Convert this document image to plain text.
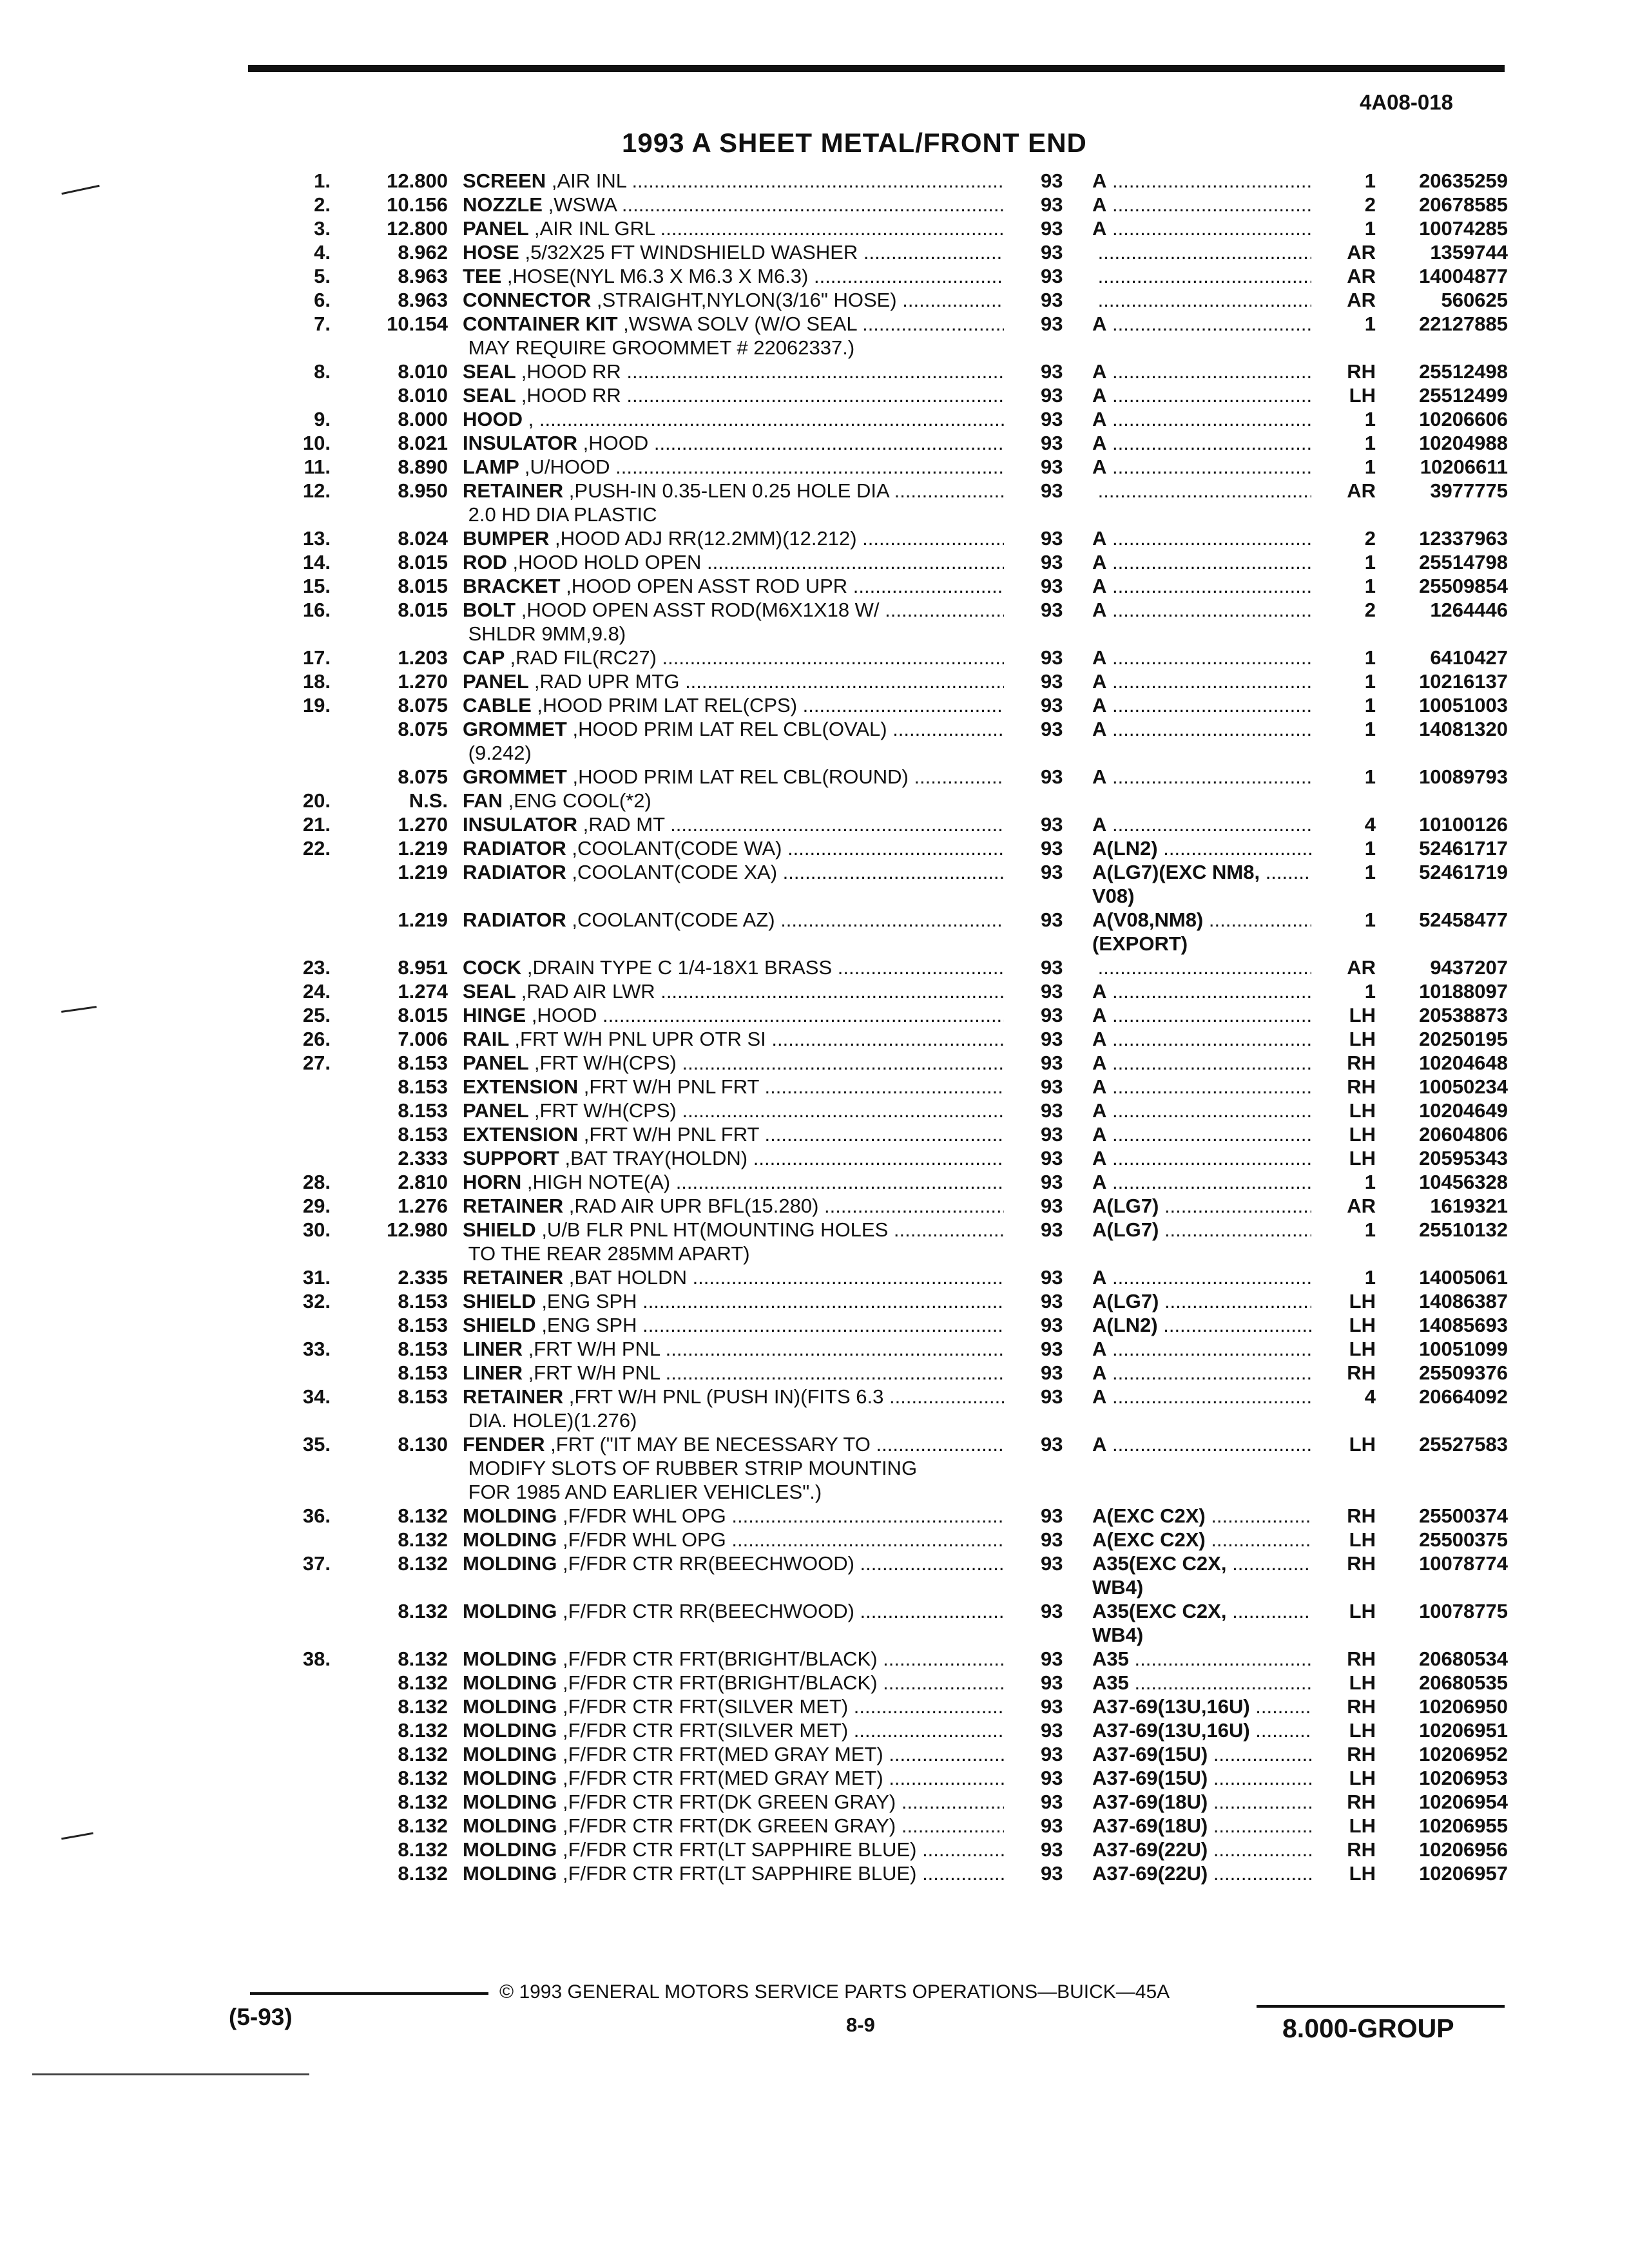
4A08-018
1993 A SHEET METAL/FRONT END
1.	12.800 SCREEN ,AIR INL .....	93 A .....	1	20635259
2.	10.156 NOZZLE ,WSWA .....	93 A .....	2	20678585
3.	12.800 PANEL ,AIR INL GRL .....	93 A .....	1	10074285
4.	8.962 HOSE ,5/32X25 FT WINDSHIELD WASHER .....	93 .....	AR	1359744
5.	8.963 TEE ,HOSE(NYL M6.3 X M6.3 X M6.3) .....	93 .....	AR	14004877
6.	8.963 CONNECTOR ,STRAIGHT,NYLON(3/16" HOSE) .....	93 .....	AR	560625
7.	10.154 CONTAINER KIT ,WSWA SOLV (W/O SEAL .....	93 A .....	1	22127885
MAY REQUIRE GROOMMET # 22062337.)
8.	8.010 SEAL ,HOOD RR .....	93 A .....	RH	25512498
8.010 SEAL ,HOOD RR .....	93 A .....	LH	25512499
9.	8.000 HOOD , .....	93 A .....	1	10206606
10.	8.021 INSULATOR ,HOOD .....	93 A .....	1	10204988
11.	8.890 LAMP ,U/HOOD .....	93 A .....	1	10206611
12.	8.950 RETAINER ,PUSH-IN 0.35-LEN 0.25 HOLE DIA .....	93 .....	AR	3977775
2.0 HD DIA PLASTIC
13.	8.024 BUMPER ,HOOD ADJ RR(12.2MM)(12.212) .....	93 A .....	2	12337963
14.	8.015 ROD ,HOOD HOLD OPEN .....	93 A .....	1	25514798
15.	8.015 BRACKET ,HOOD OPEN ASST ROD UPR .....	93 A .....	1	25509854
16.	8.015 BOLT ,HOOD OPEN ASST ROD(M6X1X18 W/ .....	93 A .....	2	1264446
SHLDR 9MM,9.8)
17.	1.203 CAP ,RAD FIL(RC27) .....	93 A .....	1	6410427
18.	1.270 PANEL ,RAD UPR MTG .....	93 A .....	1	10216137
19.	8.075 CABLE ,HOOD PRIM LAT REL(CPS) .....	93 A .....	1	10051003
8.075 GROMMET ,HOOD PRIM LAT REL CBL(OVAL) .....	93 A .....	1	14081320
(9.242)
8.075 GROMMET ,HOOD PRIM LAT REL CBL(ROUND) .....	93 A .....	1	10089793
20.	N.S. FAN ,ENG COOL(*2)
21.	1.270 INSULATOR ,RAD MT .....	93 A .....	4	10100126
22.	1.219 RADIATOR ,COOLANT(CODE WA) .....	93 A(LN2) .....	1	52461717
1.219 RADIATOR ,COOLANT(CODE XA) .....	93 A(LG7)(EXC NM8, .....	1	52461719

V08)
1.219 RADIATOR ,COOLANT(CODE AZ) .....	93 A(V08,NM8) .....	1	52458477

(EXPORT)
23.	8.951 COCK ,DRAIN TYPE C 1/4-18X1 BRASS .....	93 .....	AR	9437207
24.	1.274 SEAL ,RAD AIR LWR .....	93 A .....	1	10188097
25.	8.015 HINGE ,HOOD .....	93 A .....	LH	20538873
26.	7.006 RAIL ,FRT W/H PNL UPR OTR SI .....	93 A .....	LH	20250195
27.	8.153 PANEL ,FRT W/H(CPS) .....	93 A .....	RH	10204648
8.153 EXTENSION ,FRT W/H PNL FRT .....	93 A .....	RH	10050234
8.153 PANEL ,FRT W/H(CPS) .....	93 A .....	LH	10204649
8.153 EXTENSION ,FRT W/H PNL FRT .....	93 A .....	LH	20604806
2.333 SUPPORT ,BAT TRAY(HOLDN) .....	93 A .....	LH	20595343
28.	2.810 HORN ,HIGH NOTE(A) .....	93 A .....	1	10456328
29.	1.276 RETAINER ,RAD AIR UPR BFL(15.280) .....	93 A(LG7) .....	AR	1619321
30.	12.980 SHIELD ,U/B FLR PNL HT(MOUNTING HOLES .....	93 A(LG7) .....	1	25510132
TO THE REAR 285MM APART)
31.	2.335 RETAINER ,BAT HOLDN .....	93 A .....	1	14005061
32.	8.153 SHIELD ,ENG SPH .....	93 A(LG7) .....	LH	14086387
8.153 SHIELD ,ENG SPH .....	93 A(LN2) .....	LH	14085693
33.	8.153 LINER ,FRT W/H PNL .....	93 A .....	LH	10051099
8.153 LINER ,FRT W/H PNL .....	93 A .....	RH	25509376
34.	8.153 RETAINER ,FRT W/H PNL (PUSH IN)(FITS 6.3 .....	93 A .....	4	20664092
DIA. HOLE)(1.276)
35.	8.130 FENDER ,FRT ("IT MAY BE NECESSARY TO .....	93 A .....	LH	25527583
MODIFY SLOTS OF RUBBER STRIP MOUNTING
FOR 1985 AND EARLIER VEHICLES".)
36.	8.132 MOLDING ,F/FDR WHL OPG .....	93 A(EXC C2X) .....	RH	25500374
8.132 MOLDING ,F/FDR WHL OPG .....	93 A(EXC C2X) .....	LH	25500375
37.	8.132 MOLDING ,F/FDR CTR RR(BEECHWOOD) .....	93 A35(EXC C2X, .....	RH	10078774

WB4)
8.132 MOLDING ,F/FDR CTR RR(BEECHWOOD) .....	93 A35(EXC C2X, .....	LH	10078775

WB4)
38.	8.132 MOLDING ,F/FDR CTR FRT(BRIGHT/BLACK) .....	93 A35 .....	RH	20680534
8.132 MOLDING ,F/FDR CTR FRT(BRIGHT/BLACK) .....	93 A35 .....	LH	20680535
8.132 MOLDING ,F/FDR CTR FRT(SILVER MET) .....	93 A37-69(13U,16U) .....	RH	10206950
8.132 MOLDING ,F/FDR CTR FRT(SILVER MET) .....	93 A37-69(13U,16U) .....	LH	10206951
8.132 MOLDING ,F/FDR CTR FRT(MED GRAY MET) .....	93 A37-69(15U) .....	RH	10206952
8.132 MOLDING ,F/FDR CTR FRT(MED GRAY MET) .....	93 A37-69(15U) .....	LH	10206953
8.132 MOLDING ,F/FDR CTR FRT(DK GREEN GRAY) .....	93 A37-69(18U) .....	RH	10206954
8.132 MOLDING ,F/FDR CTR FRT(DK GREEN GRAY) .....	93 A37-69(18U) .....	LH	10206955
8.132 MOLDING ,F/FDR CTR FRT(LT SAPPHIRE BLUE) .....	93 A37-69(22U) .....	RH	10206956
8.132 MOLDING ,F/FDR CTR FRT(LT SAPPHIRE BLUE) .....	93 A37-69(22U) .....	LH	10206957
© 1993 GENERAL MOTORS SERVICE PARTS OPERATIONS—BUICK—45A
(5-93)	8-9	8.000-GROUP
